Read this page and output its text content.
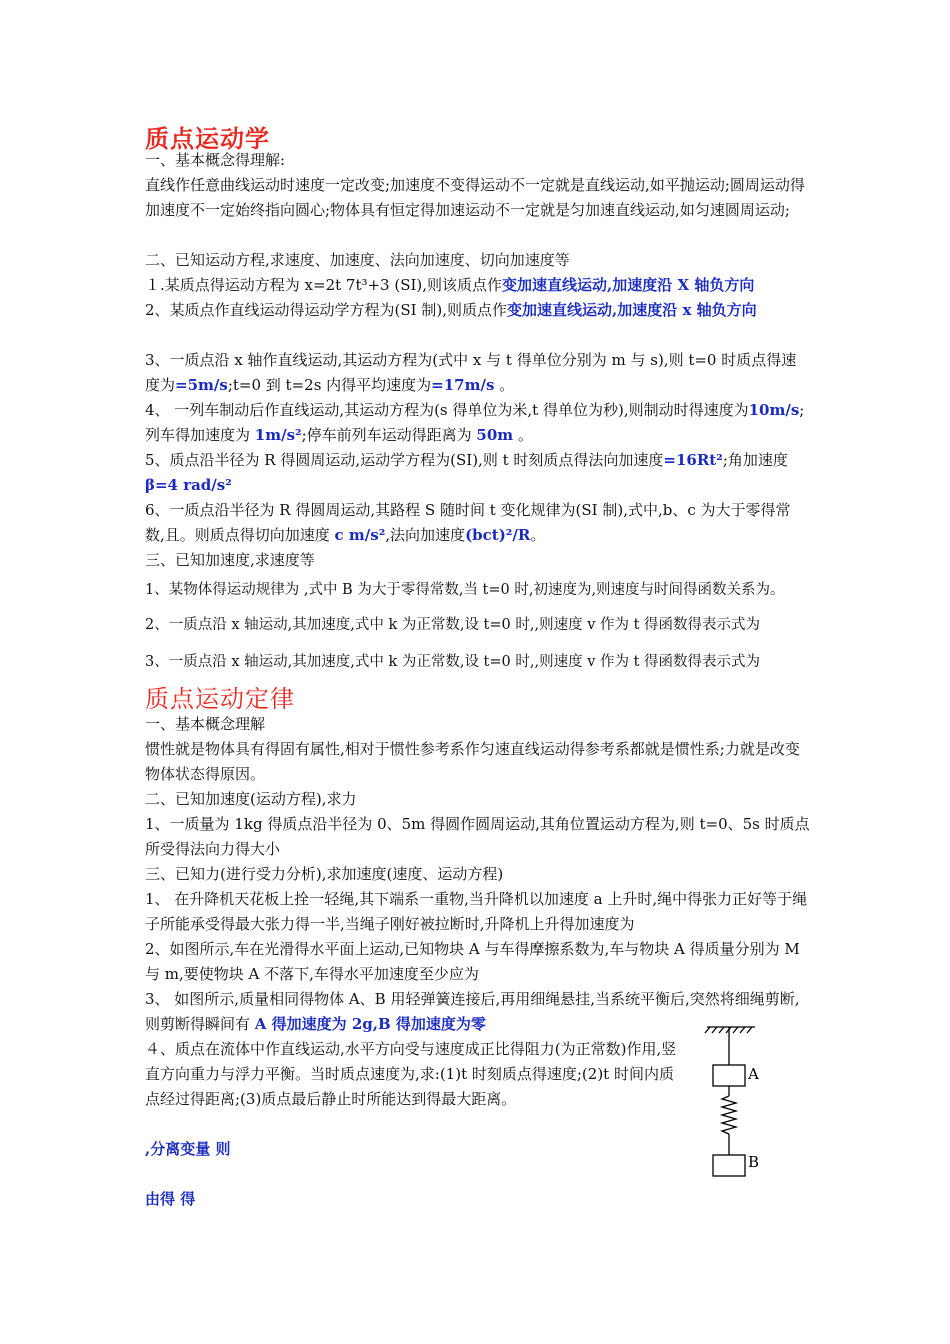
质点运动学

一、基本概念得理解:

直线作任意曲线运动时速度一定改变;加速度不变得运动不一定就是直线运动,如平抛运动;圆周运动得加速度不一定始终指向圆心;物体具有恒定得加速运动不一定就是匀加速直线运动,如匀速圆周运动;

二、已知运动方程,求速度、加速度、法向加速度、切向加速度等

１.某质点得运动方程为 x=2t 7t³+3 (SI),则该质点作变加速直线运动,加速度沿 X 轴负方向

2、某质点作直线运动得运动学方程为(SI 制),则质点作变加速直线运动,加速度沿 x 轴负方向

3、一质点沿 x 轴作直线运动,其运动方程为(式中 x 与 t 得单位分别为 m 与 s),则 t=0 时质点得速度为=5m/s;t=0 到 t=2s 内得平均速度为=17m/s 。

4、 一列车制动后作直线运动,其运动方程为(s 得单位为米,t 得单位为秒),则制动时得速度为10m/s;列车得加速度为 1m/s²;停车前列车运动得距离为 50m 。

5、质点沿半径为 R 得圆周运动,运动学方程为(SI),则 t 时刻质点得法向加速度=16Rt²;角加速度 β=4 rad/s²

6、一质点沿半径为 R 得圆周运动,其路程 S 随时间 t 变化规律为(SI 制),式中,b、c 为大于零得常数,且。则质点得切向加速度 c m/s²,法向加速度(bct)²/R。

三、已知加速度,求速度等

1、某物体得运动规律为 ,式中 B 为大于零得常数,当 t=0 时,初速度为,则速度与时间得函数关系为。

2、一质点沿 x 轴运动,其加速度,式中 k 为正常数,设 t=0 时,,则速度 v 作为 t 得函数得表示式为

3、一质点沿 x 轴运动,其加速度,式中 k 为正常数,设 t=0 时,,则速度 v 作为 t 得函数得表示式为

质点运动定律

一、基本概念理解

惯性就是物体具有得固有属性,相对于惯性参考系作匀速直线运动得参考系都就是惯性系;力就是改变物体状态得原因。

二、已知加速度(运动方程),求力

1、一质量为 1kg 得质点沿半径为 0、5m 得圆作圆周运动,其角位置运动方程为,则 t=0、5s 时质点所受得法向力得大小

三、已知力(进行受力分析),求加速度(速度、运动方程)

1、 在升降机天花板上拴一轻绳,其下端系一重物,当升降机以加速度 a 上升时,绳中得张力正好等于绳子所能承受得最大张力得一半,当绳子刚好被拉断时,升降机上升得加速度为

2、如图所示,车在光滑得水平面上运动,已知物块 A 与车得摩擦系数为,车与物块 A 得质量分别为 M 与 m,要使物块 A 不落下,车得水平加速度至少应为

3、 如图所示,质量相同得物体 A、B 用轻弹簧连接后,再用细绳悬挂,当系统平衡后,突然将细绳剪断,则剪断得瞬间有 A 得加速度为 2g,B 得加速度为零

４、质点在流体中作直线运动,水平方向受与速度成正比得阻力(为正常数)作用,竖直方向重力与浮力平衡。当时质点速度为,求:(1)t 时刻质点得速度;(2)t 时间内质点经过得距离;(3)质点最后静止时所能达到得最大距离。

,分离变量 则

由得 得

A
B
